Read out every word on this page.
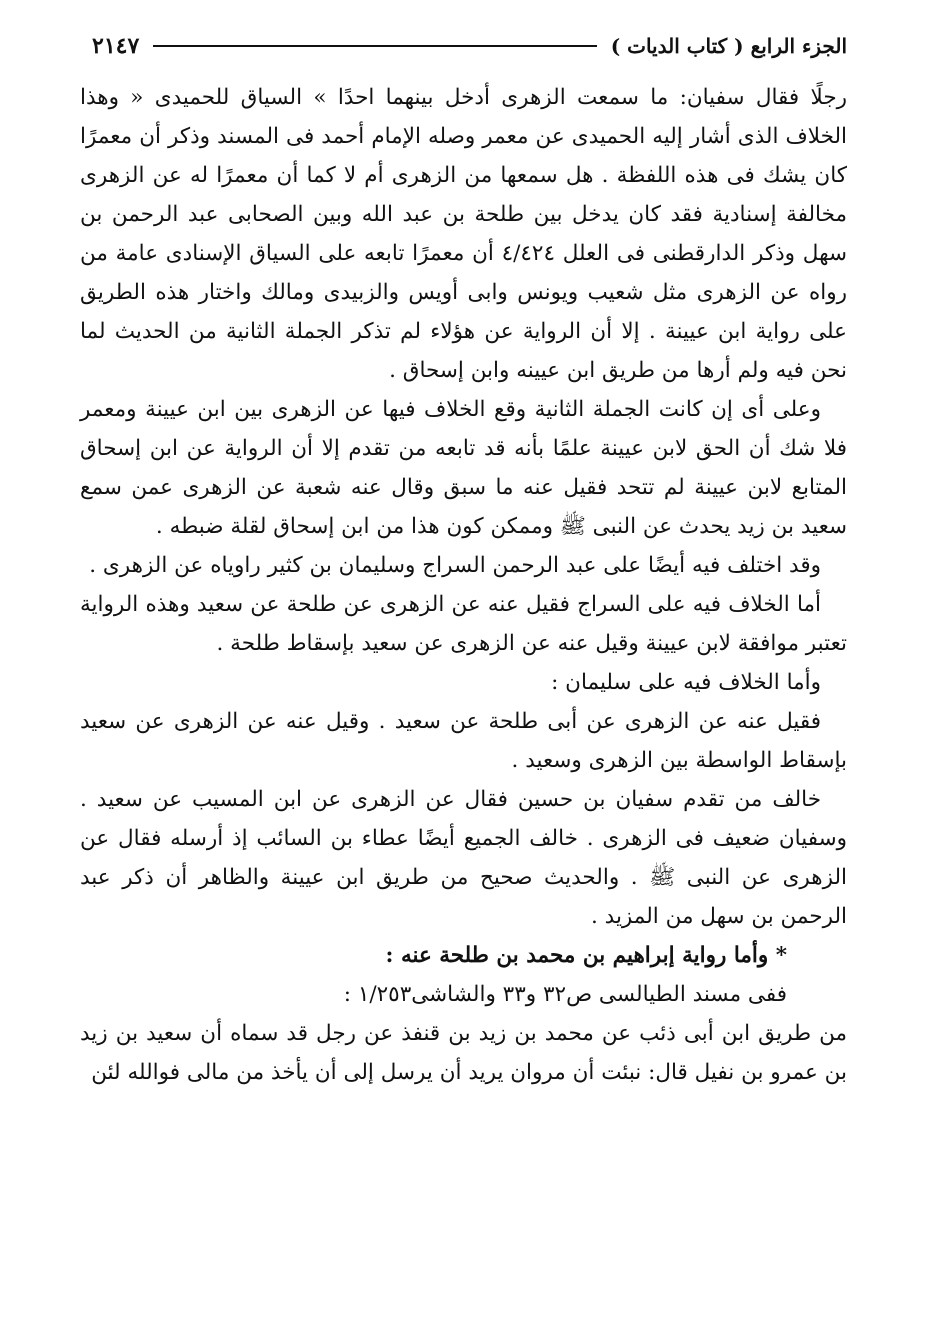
الجزء الرابع ( كتاب الديات )
٢١٤٧

رجلًا فقال سفيان: ما سمعت الزهرى أدخل بينهما احدًا » السياق للحميدى « وهذا الخلاف الذى أشار إليه الحميدى عن معمر وصله الإمام أحمد فى المسند وذكر أن معمرًا كان يشك فى هذه اللفظة . هل سمعها من الزهرى أم لا كما أن معمرًا له عن الزهرى مخالفة إسنادية فقد كان يدخل بين طلحة بن عبد الله وبين الصحابى عبد الرحمن بن سهل وذكر الدارقطنى فى العلل ٤/٤٢٤ أن معمرًا تابعه على السياق الإسنادى عامة من رواه عن الزهرى مثل شعيب ويونس وابى أويس والزبيدى ومالك واختار هذه الطريق على رواية ابن عيينة . إلا أن الرواية عن هؤلاء لم تذكر الجملة الثانية من الحديث لما نحن فيه ولم أرها من طريق ابن عيينه وابن إسحاق .

وعلى أى إن كانت الجملة الثانية وقع الخلاف فيها عن الزهرى بين ابن عيينة ومعمر فلا شك أن الحق لابن عيينة علمًا بأنه قد تابعه من تقدم إلا أن الرواية عن ابن إسحاق المتابع لابن عيينة لم تتحد فقيل عنه ما سبق وقال عنه شعبة عن الزهرى عمن سمع سعيد بن زيد يحدث عن النبى ﷺ وممكن كون هذا من ابن إسحاق لقلة ضبطه .

وقد اختلف فيه أيضًا على عبد الرحمن السراج وسليمان بن كثير راوياه عن الزهرى .

أما الخلاف فيه على السراج فقيل عنه عن الزهرى عن طلحة عن سعيد وهذه الرواية تعتبر موافقة لابن عيينة وقيل عنه عن الزهرى عن سعيد بإسقاط طلحة .

وأما الخلاف فيه على سليمان :

فقيل عنه عن الزهرى عن أبى طلحة عن سعيد . وقيل عنه عن الزهرى عن سعيد بإسقاط الواسطة بين الزهرى وسعيد .

خالف من تقدم سفيان بن حسين فقال عن الزهرى عن ابن المسيب عن سعيد . وسفيان ضعيف فى الزهرى . خالف الجميع أيضًا عطاء بن السائب إذ أرسله فقال عن الزهرى عن النبى ﷺ . والحديث صحيح من طريق ابن عيينة والظاهر أن ذكر عبد الرحمن بن سهل من المزيد .

* وأما رواية إبراهيم بن محمد بن طلحة عنه :

ففى مسند الطيالسى ص٣٢ و٣٣ والشاشى١/٢٥٣ :

من طريق ابن أبى ذئب عن محمد بن زيد بن قنفذ عن رجل قد سماه أن سعيد بن زيد بن عمرو بن نفيل قال: نبئت أن مروان يريد أن يرسل إلى أن يأخذ من مالى فوالله لئن
